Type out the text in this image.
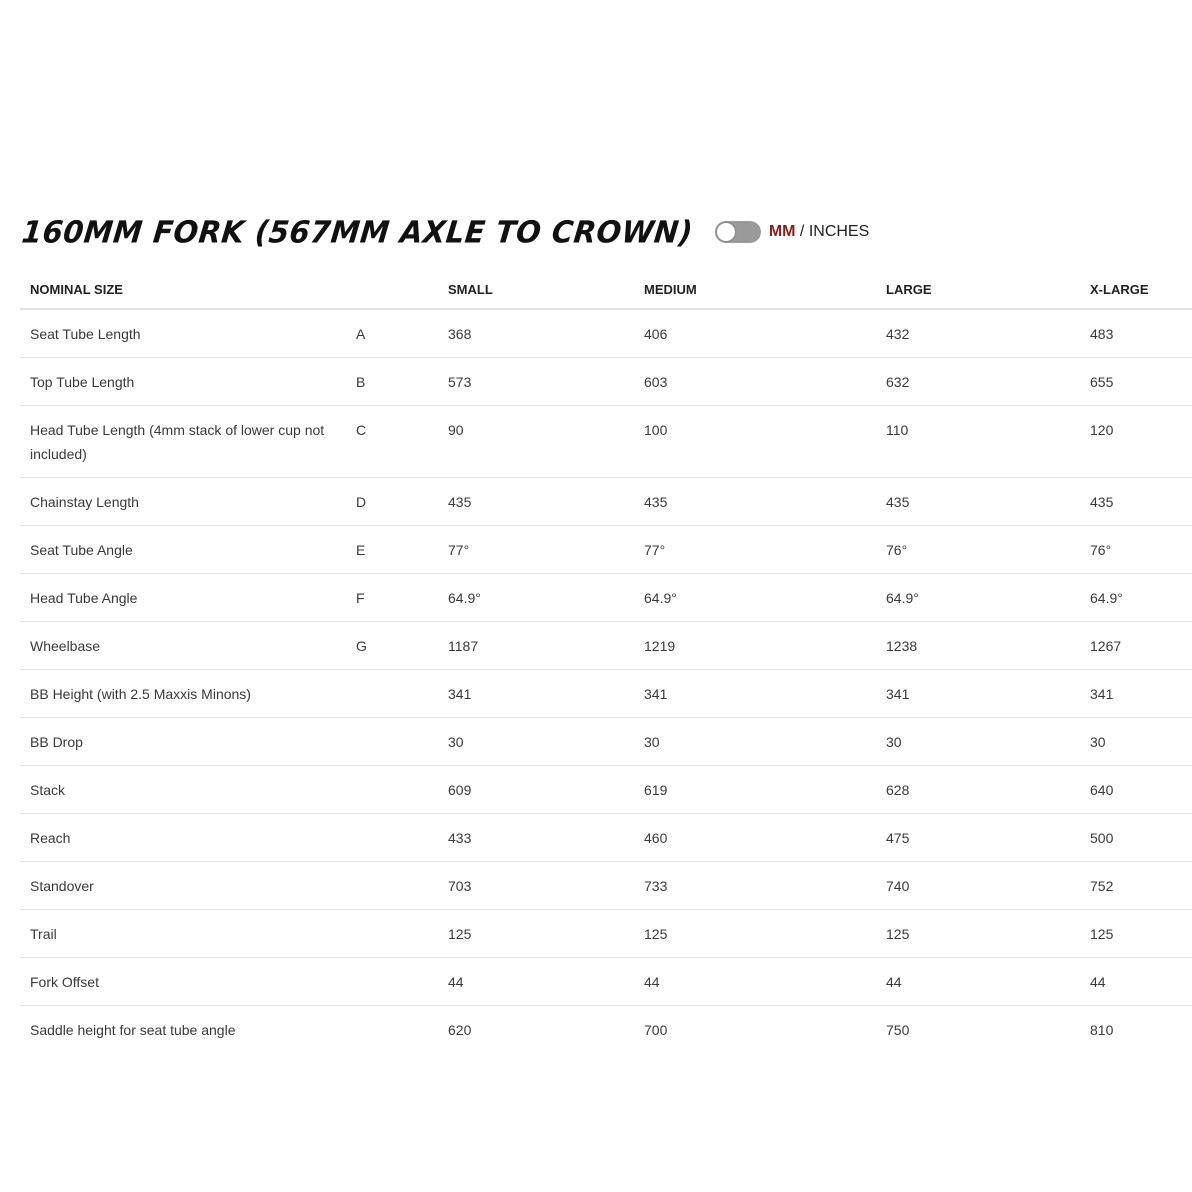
160MM FORK (567MM AXLE TO CROWN)	MM / INCHES
NOMINAL SIZE		SMALL	MEDIUM	LARGE	X-LARGE
Seat Tube Length	A	368	406	432	483
Top Tube Length	B	573	603	632	655
Head Tube Length (4mm stack of lower cup not included)	C	90	100	110	120
Chainstay Length	D	435	435	435	435
Seat Tube Angle	E	77°	77°	76°	76°
Head Tube Angle	F	64.9°	64.9°	64.9°	64.9°
Wheelbase	G	1187	1219	1238	1267
BB Height (with 2.5 Maxxis Minons)		341	341	341	341
BB Drop		30	30	30	30
Stack		609	619	628	640
Reach		433	460	475	500
Standover		703	733	740	752
Trail		125	125	125	125
Fork Offset		44	44	44	44
Saddle height for seat tube angle		620	700	750	810
